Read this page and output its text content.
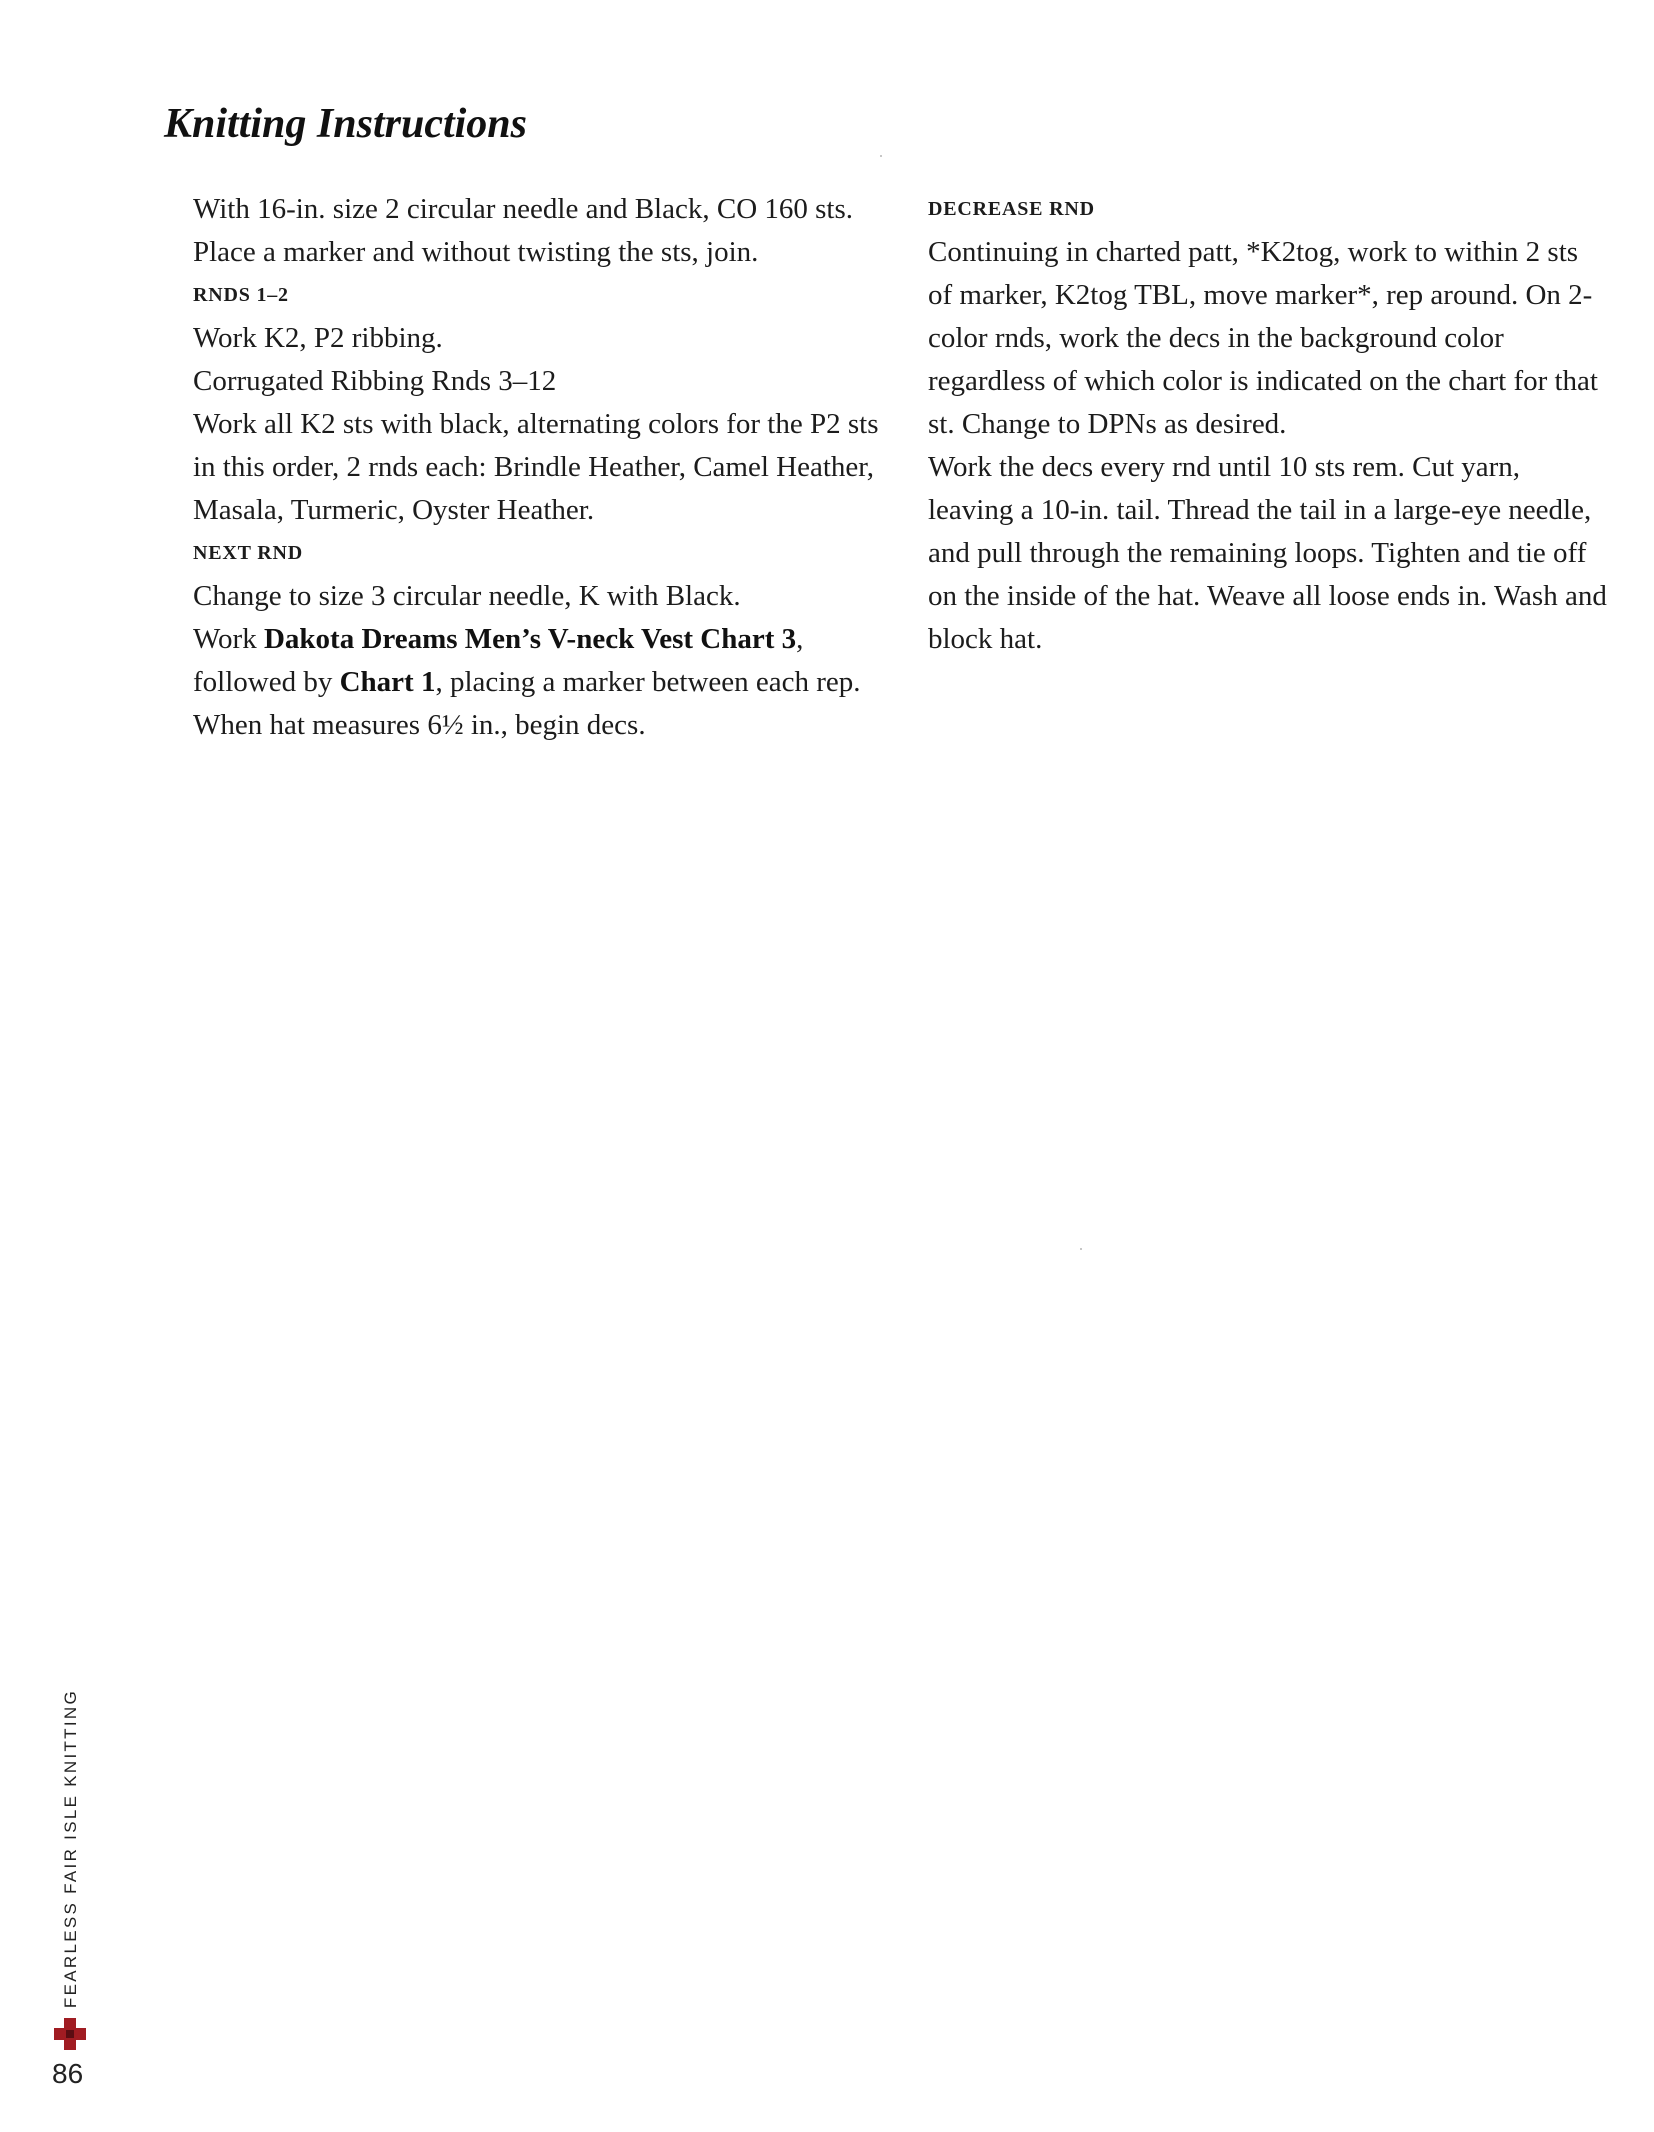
Knitting Instructions

With 16-in. size 2 circular needle and Black, CO 160 sts. Place a marker and without twisting the sts, join.

RNDS 1–2

Work K2, P2 ribbing.

Corrugated Ribbing Rnds 3–12

Work all K2 sts with black, alternating colors for the P2 sts in this order, 2 rnds each: Brindle Heather, Camel Heather, Masala, Turmeric, Oyster Heather.

NEXT RND

Change to size 3 circular needle, K with Black.

Work Dakota Dreams Men’s V-neck Vest Chart 3, followed by Chart 1, placing a marker between each rep.

When hat measures 6½ in., begin decs.

DECREASE RND

Continuing in charted patt, *K2tog, work to within 2 sts of marker, K2tog TBL, move marker*, rep around. On 2-color rnds, work the decs in the background color regardless of which color is indicated on the chart for that st. Change to DPNs as desired.

Work the decs every rnd until 10 sts rem. Cut yarn, leaving a 10-in. tail. Thread the tail in a large-eye needle, and pull through the remaining loops. Tighten and tie off on the inside of the hat. Weave all loose ends in. Wash and block hat.

FEARLESS FAIR ISLE KNITTING
86
